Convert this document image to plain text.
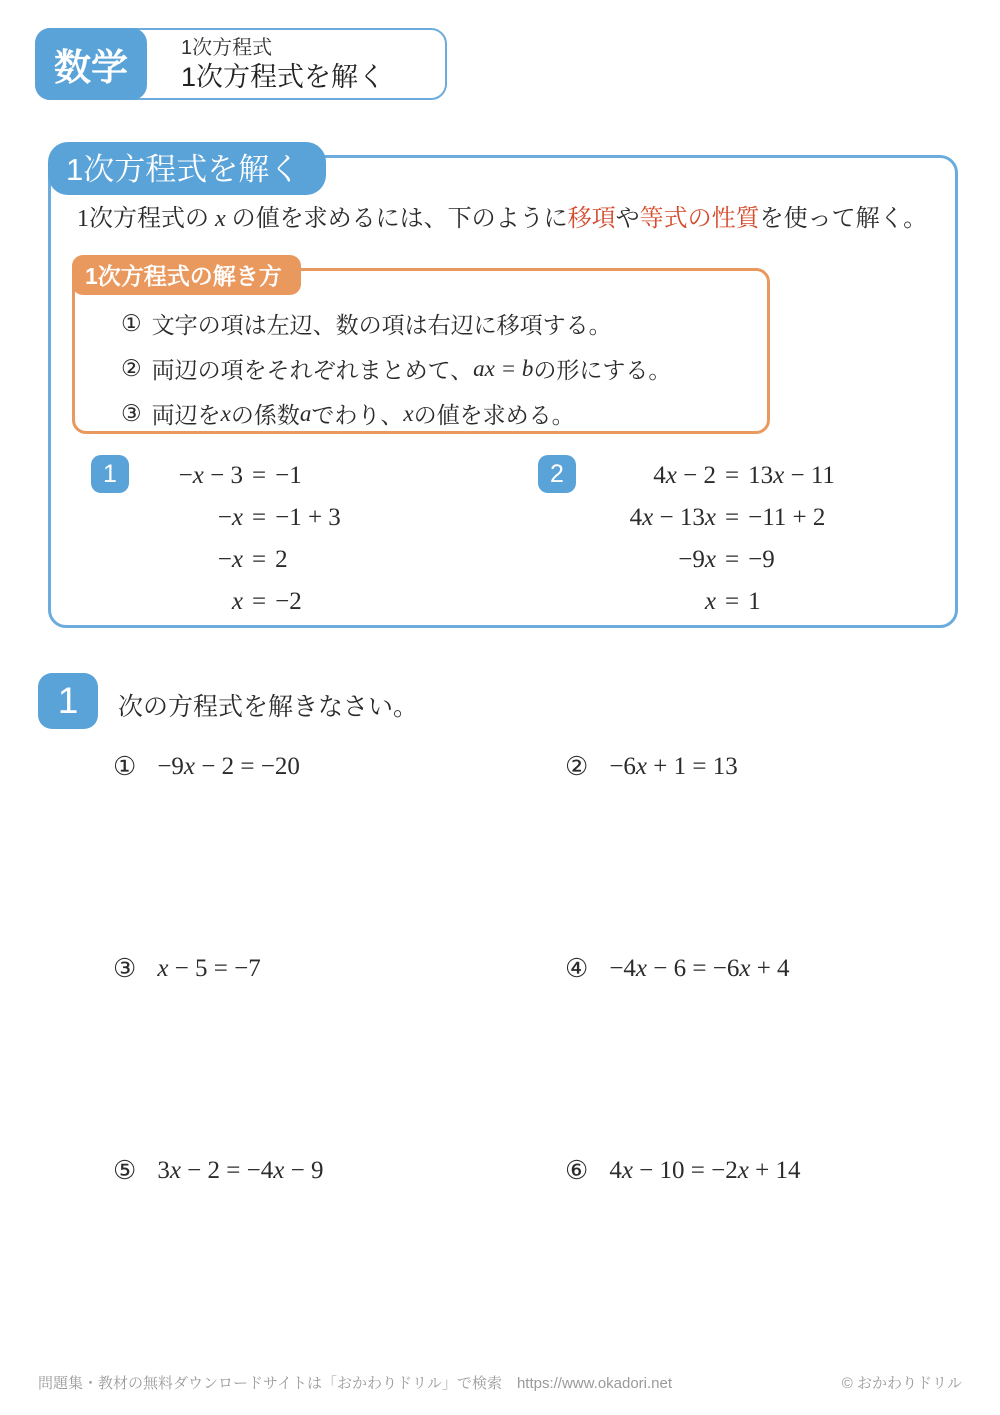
数学	1次方程式
1次方程式を解く
1次方程式を解く
1次方程式の x の値を求めるには、下のように移項や等式の性質を使って解く。
1次方程式の解き方
① 文字の項は左辺、数の項は右辺に移項する。
② 両辺の項をそれぞれまとめて、 ax = b の形にする。
③ 両辺を x の係数 a でわり、 x の値を求める。
1	−x − 3 = −1
−x = −1 + 3
−x = 2
x = −2
2	4x − 2 = 13x − 11
4x − 13x = −11 + 2
−9x = −9
x = 1
1	次の方程式を解きなさい。
① −9x − 2 = −20	② −6x + 1 = 13
③ x − 5 = −7	④ −4x − 6 = −6x + 4
⑤ 3x − 2 = −4x − 9	⑥ 4x − 10 = −2x + 14
問題集・教材の無料ダウンロードサイトは「おかわりドリル」で検索　https://www.okadori.net	© おかわりドリル
